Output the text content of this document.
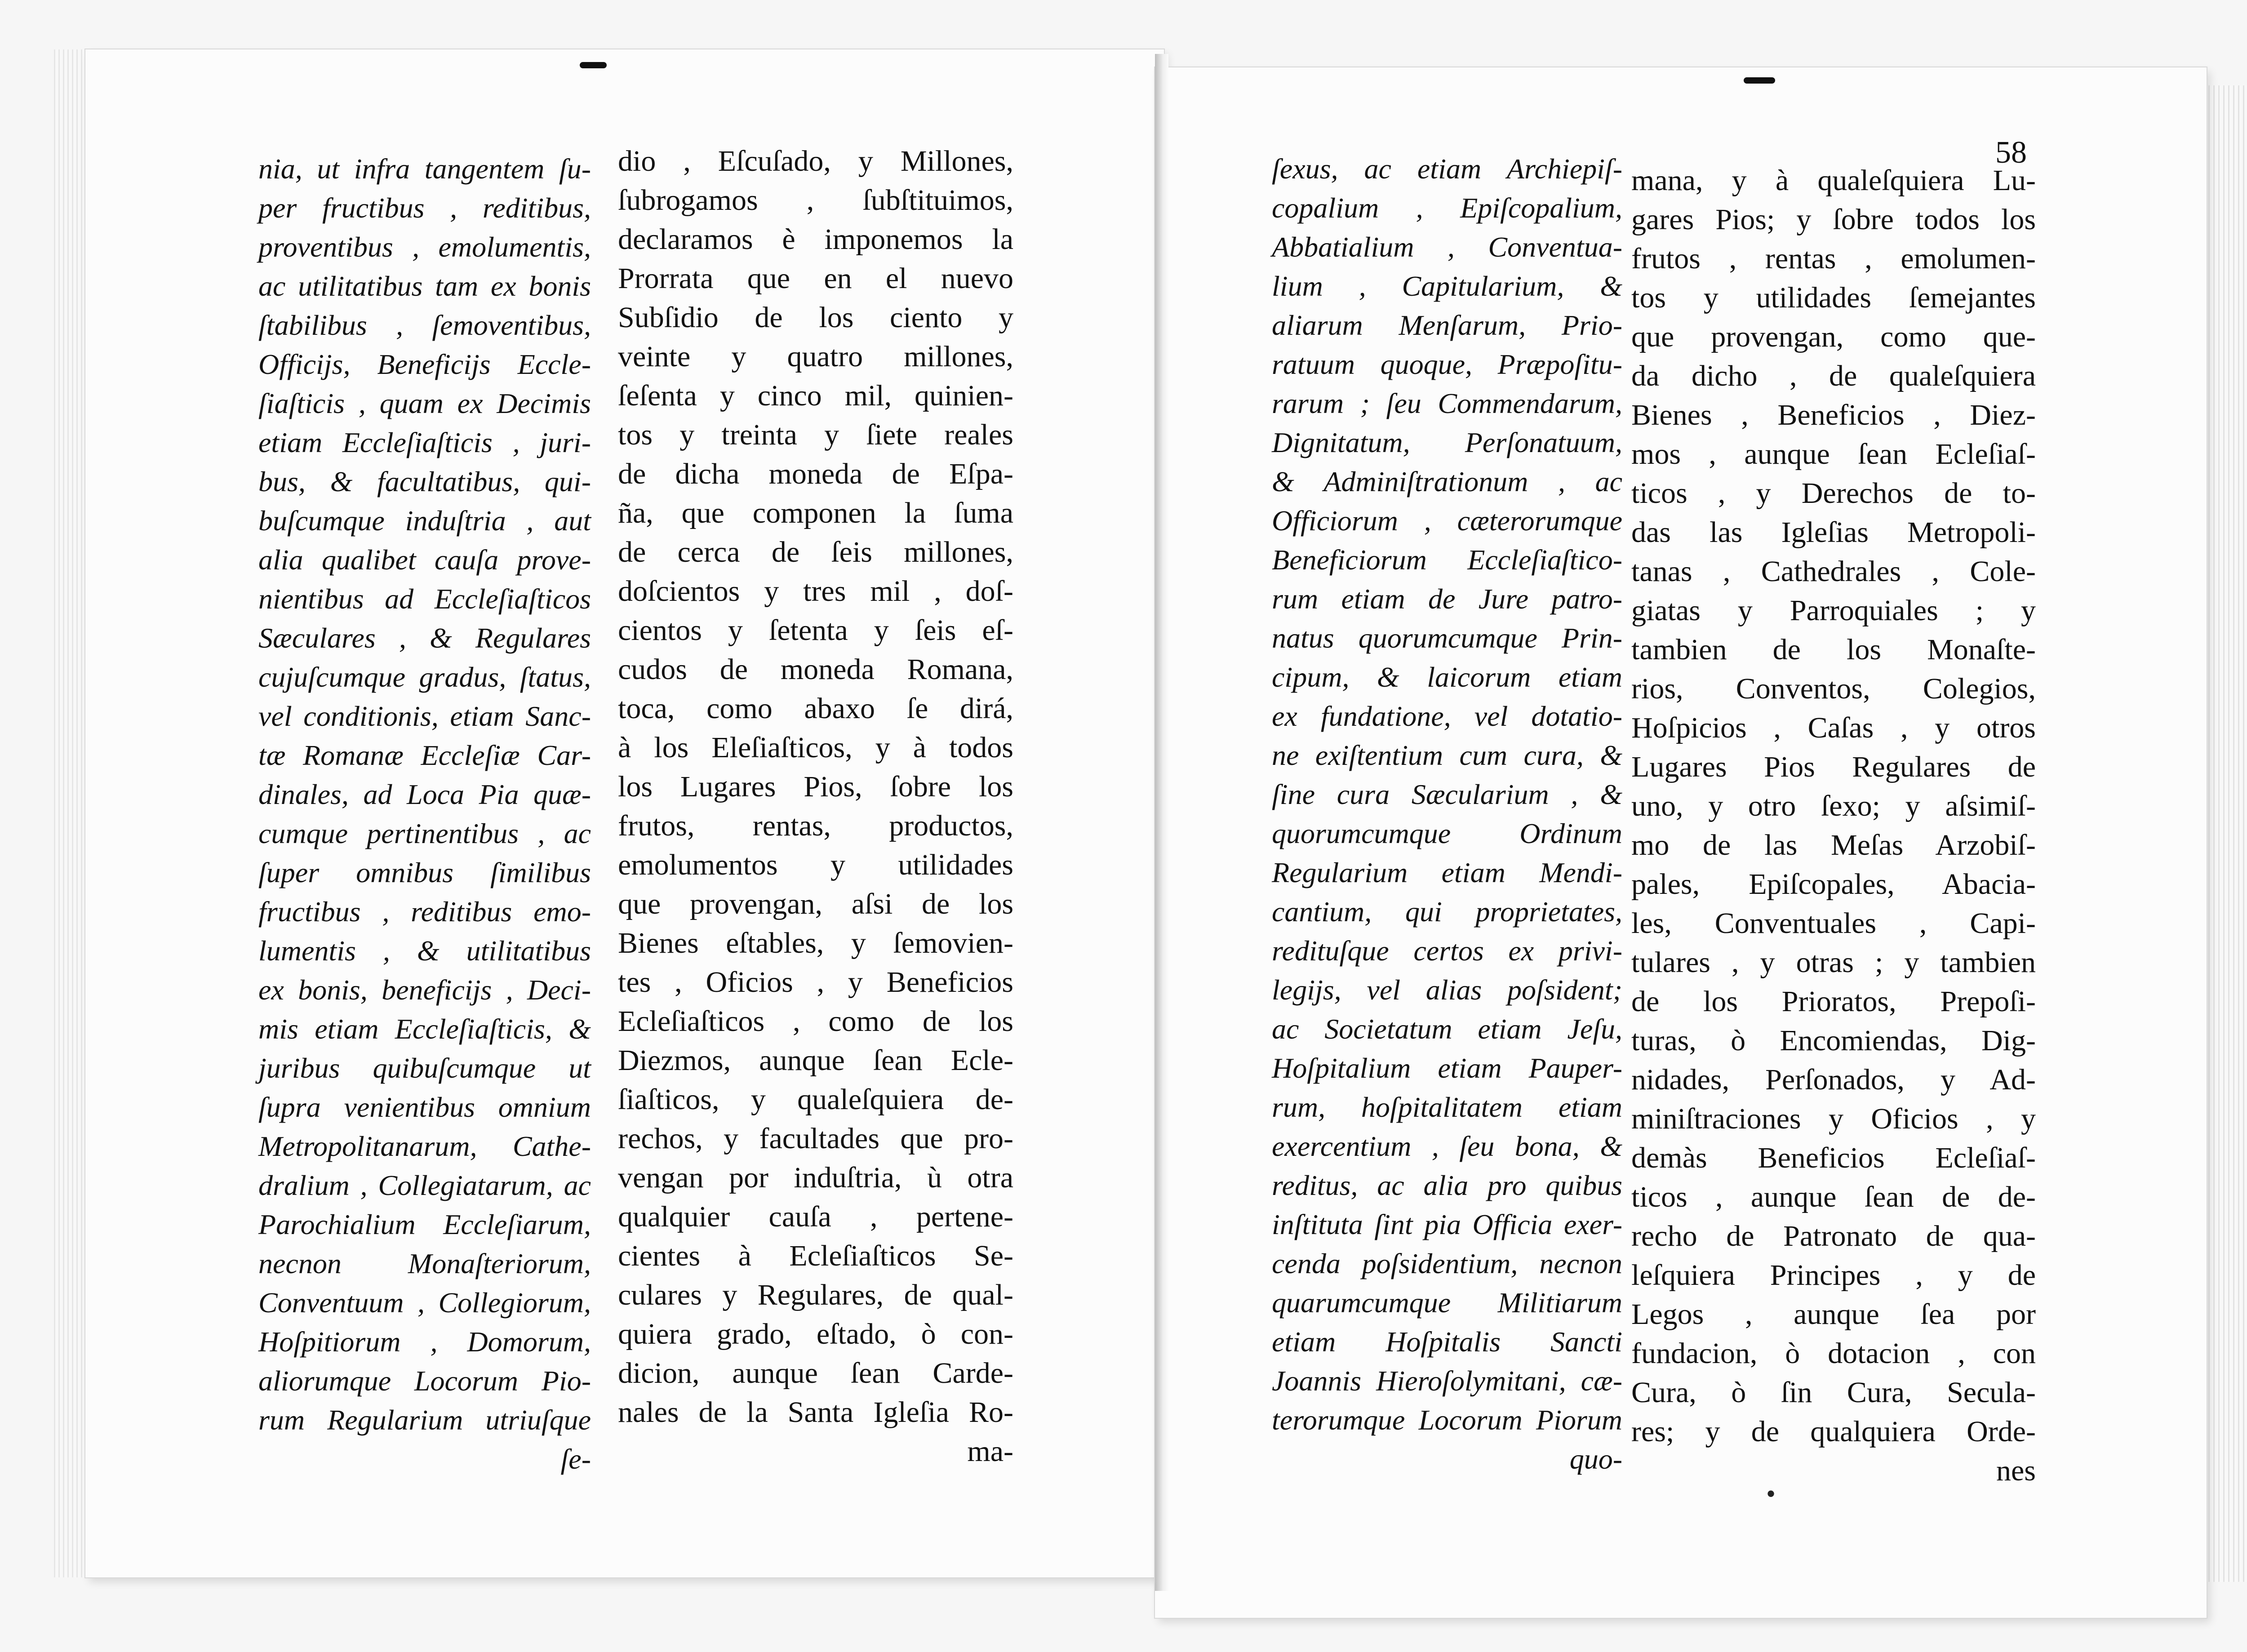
58
nia, ut infra tangentem ſu-
per fructibus , reditibus,
proventibus , emolumentis,
ac utilitatibus tam ex bonis
ſtabilibus , ſemoventibus,
Officijs, Beneficijs Eccle-
ſiaſticis , quam ex Decimis
etiam Eccleſiaſticis , juri-
bus, & facultatibus, qui-
buſcumque induſtria , aut
alia qualibet cauſa prove-
nientibus ad Eccleſiaſticos
Sæculares , & Regulares
cujuſcumque gradus, ſtatus,
vel conditionis, etiam Sanc-
tæ Romanæ Eccleſiæ Car-
dinales, ad Loca Pia quæ-
cumque pertinentibus , ac
ſuper omnibus ſimilibus
fructibus , reditibus emo-
lumentis , & utilitatibus
ex bonis, beneficijs , Deci-
mis etiam Eccleſiaſticis, &
juribus quibuſcumque ut
ſupra venientibus omnium
Metropolitanarum, Cathe-
dralium , Collegiatarum, ac
Parochialium Eccleſiarum,
necnon Monaſteriorum,
Conventuum , Collegiorum,
Hoſpitiorum , Domorum,
aliorumque Locorum Pio-
rum Regularium utriuſque
ſe-
dio , Eſcuſado, y Millones,
ſubrogamos , ſubſtituimos,
declaramos è imponemos la
Prorrata que en el nuevo
Subſidio de los ciento y
veinte y quatro millones,
ſeſenta y cinco mil, quinien-
tos y treinta y ſiete reales
de dicha moneda de Eſpa-
ña, que componen la ſuma
de cerca de ſeis millones,
doſcientos y tres mil , doſ-
cientos y ſetenta y ſeis eſ-
cudos de moneda Romana,
toca, como abaxo ſe dirá,
à los Eleſiaſticos, y à todos
los Lugares Pios, ſobre los
frutos, rentas, productos,
emolumentos y utilidades
que provengan, aſsi de los
Bienes eſtables, y ſemovien-
tes , Oficios , y Beneficios
Ecleſiaſticos , como de los
Diezmos, aunque ſean Ecle-
ſiaſticos, y qualeſquiera de-
rechos, y facultades que pro-
vengan por induſtria, ù otra
qualquier cauſa , pertene-
cientes à Ecleſiaſticos Se-
culares y Regulares, de qual-
quiera grado, eſtado, ò con-
dicion, aunque ſean Carde-
nales de la Santa Igleſia Ro-
ma-
ſexus, ac etiam Archiepiſ-
copalium , Epiſcopalium,
Abbatialium , Conventua-
lium , Capitularium, &
aliarum Menſarum, Prio-
ratuum quoque, Præpoſitu-
rarum ; ſeu Commendarum,
Dignitatum, Perſonatuum,
& Adminiſtrationum , ac
Officiorum , cæterorumque
Beneficiorum Eccleſiaſtico-
rum etiam de Jure patro-
natus quorumcumque Prin-
cipum, & laicorum etiam
ex fundatione, vel dotatio-
ne exiſtentium cum cura, &
ſine cura Sæcularium , &
quorumcumque Ordinum
Regularium etiam Mendi-
cantium, qui proprietates,
redituſque certos ex privi-
legijs, vel alias poſsident;
ac Societatum etiam Jeſu,
Hoſpitalium etiam Pauper-
rum, hoſpitalitatem etiam
exercentium , ſeu bona, &
reditus, ac alia pro quibus
inſtituta ſint pia Officia exer-
cenda poſsidentium, necnon
quarumcumque Militiarum
etiam Hoſpitalis Sancti
Joannis Hieroſolymitani, cæ-
terorumque Locorum Piorum
quo-
mana, y à qualeſquiera Lu-
gares Pios; y ſobre todos los
frutos , rentas , emolumen-
tos y utilidades ſemejantes
que provengan, como que-
da dicho , de qualeſquiera
Bienes , Beneficios , Diez-
mos , aunque ſean Ecleſiaſ-
ticos , y Derechos de to-
das las Igleſias Metropoli-
tanas , Cathedrales , Cole-
giatas y Parroquiales ; y
tambien de los Monaſte-
rios, Conventos, Colegios,
Hoſpicios , Caſas , y otros
Lugares Pios Regulares de
uno, y otro ſexo; y aſsimiſ-
mo de las Meſas Arzobiſ-
pales, Epiſcopales, Abacia-
les, Conventuales , Capi-
tulares , y otras ; y tambien
de los Prioratos, Prepoſi-
turas, ò Encomiendas, Dig-
nidades, Perſonados, y Ad-
miniſtraciones y Oficios , y
demàs Beneficios Ecleſiaſ-
ticos , aunque ſean de de-
recho de Patronato de qua-
leſquiera Principes , y de
Legos , aunque ſea por
fundacion, ò dotacion , con
Cura, ò ſin Cura, Secula-
res; y de qualquiera Orde-
nes
•
